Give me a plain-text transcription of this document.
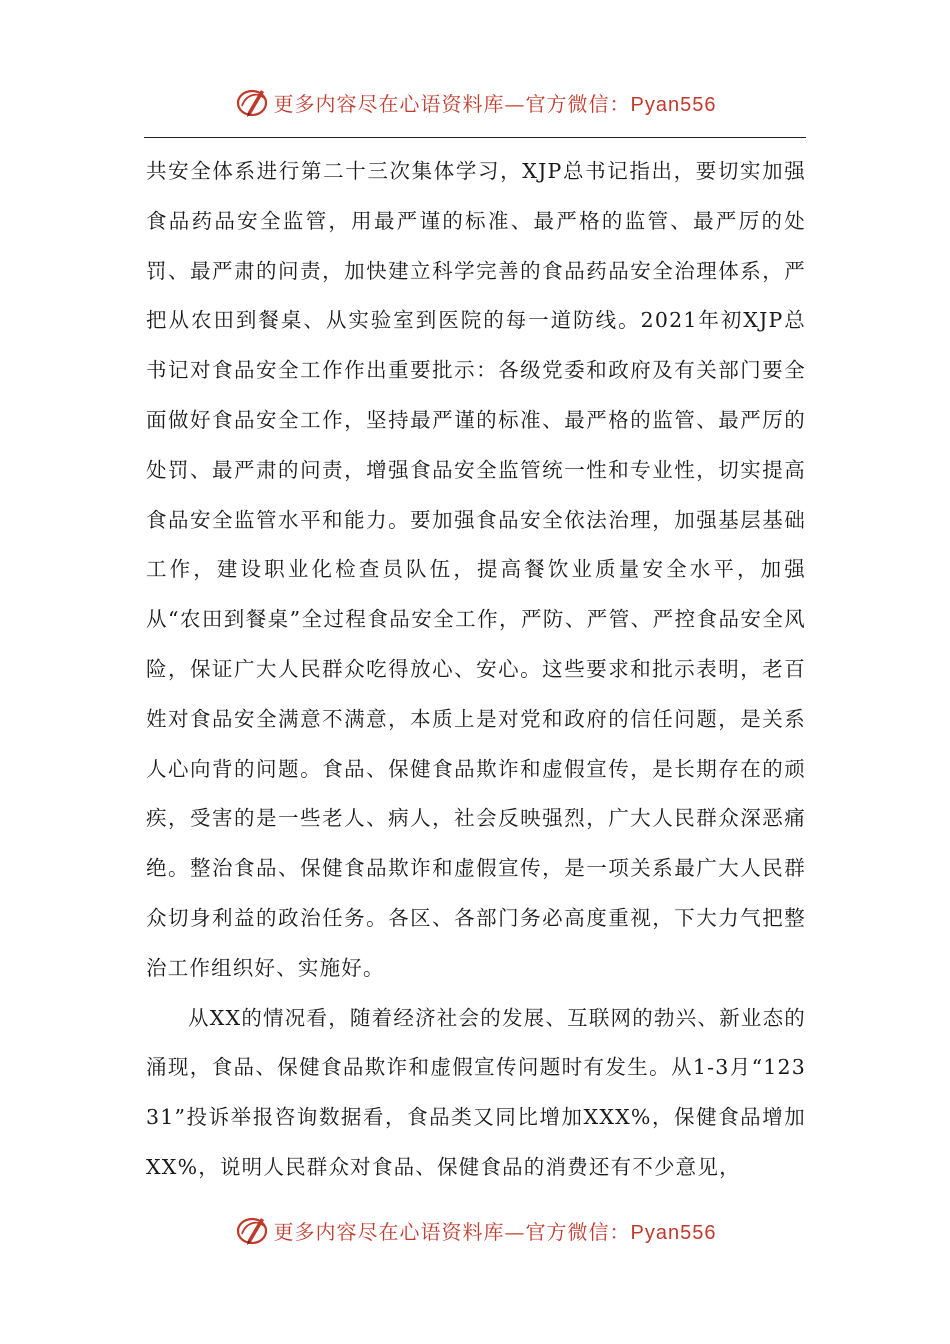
更多内容尽在心语资料库—官方微信：Pyan556

共安全体系进行第二十三次集体学习，XJP总书记指出，要切实加强食品药品安全监管，用最严谨的标准、最严格的监管、最严厉的处罚、最严肃的问责，加快建立科学完善的食品药品安全治理体系，严把从农田到餐桌、从实验室到医院的每一道防线。2021年初XJP总书记对食品安全工作作出重要批示：各级党委和政府及有关部门要全面做好食品安全工作，坚持最严谨的标准、最严格的监管、最严厉的处罚、最严肃的问责，增强食品安全监管统一性和专业性，切实提高食品安全监管水平和能力。要加强食品安全依法治理，加强基层基础工作，建设职业化检查员队伍，提高餐饮业质量安全水平，加强从“农田到餐桌”全过程食品安全工作，严防、严管、严控食品安全风险，保证广大人民群众吃得放心、安心。这些要求和批示表明，老百姓对食品安全满意不满意，本质上是对党和政府的信任问题，是关系人心向背的问题。食品、保健食品欺诈和虚假宣传，是长期存在的顽疾，受害的是一些老人、病人，社会反映强烈，广大人民群众深恶痛绝。整治食品、保健食品欺诈和虚假宣传，是一项关系最广大人民群众切身利益的政治任务。各区、各部门务必高度重视，下大力气把整治工作组织好、实施好。

从XX的情况看，随着经济社会的发展、互联网的勃兴、新业态的涌现，食品、保健食品欺诈和虚假宣传问题时有发生。从1-3月“12331”投诉举报咨询数据看，食品类又同比增加XXX%，保健食品增加XX%，说明人民群众对食品、保健食品的消费还有不少意见，

更多内容尽在心语资料库—官方微信：Pyan556
